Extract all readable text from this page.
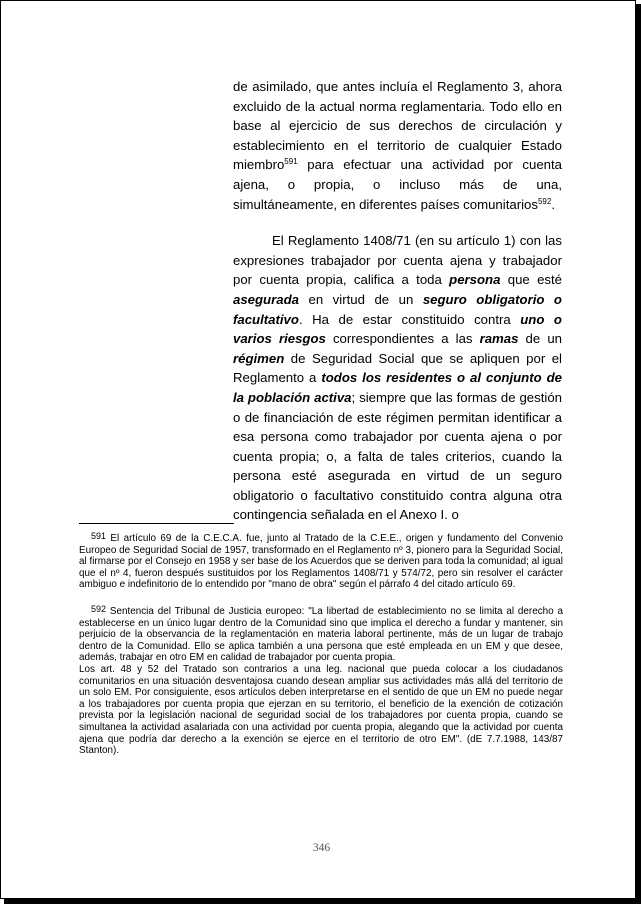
de asimilado, que antes incluía el Reglamento 3, ahora excluido de la actual norma reglamentaria. Todo ello en base al ejercicio de sus derechos de circulación y establecimiento en el territorio de cualquier Estado miembro$^{591}$ para efectuar una actividad por cuenta ajena, o propia, o incluso más de una, simultáneamente, en diferentes países comunitarios$^{592}$.

El Reglamento 1408/71 (en su artículo 1) con las expresiones trabajador por cuenta ajena y trabajador por cuenta propia, califica a toda persona que esté asegurada en virtud de un seguro obligatorio o facultativo. Ha de estar constituido contra uno o varios riesgos correspondientes a las ramas de un régimen de Seguridad Social que se apliquen por el Reglamento a todos los residentes o al conjunto de la población activa; siempre que las formas de gestión o de financiación de este régimen permitan identificar a esa persona como trabajador por cuenta ajena o por cuenta propia; o, a falta de tales criterios, cuando la persona esté asegurada en virtud de un seguro obligatorio o facultativo constituido contra alguna otra contingencia señalada en el Anexo I. o

591 El artículo 69 de la C.E.C.A. fue, junto al Tratado de la C.E.E., origen y fundamento del Convenio Europeo de Seguridad Social de 1957, transformado en el Reglamento nº 3, pionero para la Seguridad Social, al firmarse por el Consejo en 1958 y ser base de los Acuerdos que se deriven para toda la comunidad; al igual que el nº 4, fueron después sustituidos por los Reglamentos 1408/71 y 574/72, pero sin resolver el carácter ambiguo e indefinitorio de lo entendido por "mano de obra" según el párrafo 4 del citado artículo 69.

592 Sentencia del Tribunal de Justicia europeo: "La libertad de establecimiento no se limita al derecho a establecerse en un único lugar dentro de la Comunidad sino que implica el derecho a fundar y mantener, sin perjuicio de la observancia de la reglamentación en materia laboral pertinente, más de un lugar de trabajo dentro de la Comunidad. Ello se aplica también a una persona que esté empleada en un EM y que desee, además, trabajar en otro EM en calidad de trabajador por cuenta propia.

Los art. 48 y 52 del Tratado son contrarios a una leg. nacional que pueda colocar a los ciudadanos comunitarios en una situación desventajosa cuando desean ampliar sus actividades más allá del territorio de un solo EM. Por consiguiente, esos artículos deben interpretarse en el sentido de que un EM no puede negar a los trabajadores por cuenta propia que ejerzan en su territorio, el beneficio de la exención de cotización prevista por la legislación nacional de seguridad social de los trabajadores por cuenta propia, cuando se simultanea la actividad asalariada con una actividad por cuenta propia, alegando que la actividad por cuenta ajena que podría dar derecho a la exención se ejerce en el territorio de otro EM". (dE 7.7.1988, 143/87 Stanton).

346
